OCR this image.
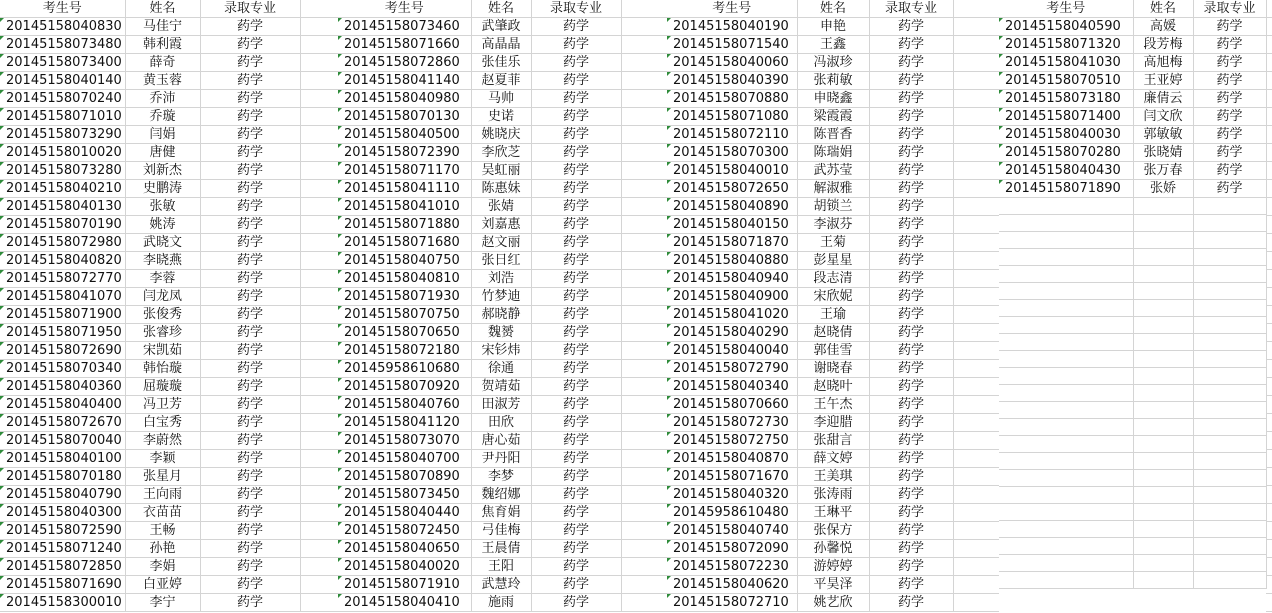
考生号	姓名	录取专业
20145158040830	马佳宁	药学
20145158073480	韩利霞	药学
20145158073400	薛奇	药学
20145158040140	黄玉蓉	药学
20145158070240	乔沛	药学
20145158071010	乔璇	药学
20145158073290	闫娟	药学
20145158010020	唐健	药学
20145158073280	刘新杰	药学
20145158040210	史鹏涛	药学
20145158040130	张敏	药学
20145158070190	姚涛	药学
20145158072980	武晓文	药学
20145158040820	李晓燕	药学
20145158072770	李蓉	药学
20145158041070	闫龙凤	药学
20145158071900	张俊秀	药学
20145158071950	张睿珍	药学
20145158072690	宋凯茹	药学
20145158070340	韩怡璇	药学
20145158040360	屈璇璇	药学
20145158040400	冯卫芳	药学
20145158072670	白宝秀	药学
20145158070040	李蔚然	药学
20145158040100	李颖	药学
20145158070180	张星月	药学
20145158040790	王向雨	药学
20145158040300	衣苗苗	药学
20145158072590	王畅	药学
20145158071240	孙艳	药学
20145158072850	李娟	药学
20145158071690	白亚婷	药学
20145158300010	李宁	药学
考生号	姓名	录取专业
20145158073460	武肇政	药学
20145158071660	高晶晶	药学
20145158072860	张佳乐	药学
20145158041140	赵夏菲	药学
20145158040980	马帅	药学
20145158070130	史诺	药学
20145158040500	姚晓庆	药学
20145158072390	李欣芝	药学
20145158071170	吴虹丽	药学
20145158041110	陈惠妹	药学
20145158041010	张婧	药学
20145158071880	刘嘉惠	药学
20145158071680	赵文丽	药学
20145158040750	张日红	药学
20145158040810	刘浩	药学
20145158071930	竹梦迪	药学
20145158070750	郝晓静	药学
20145158070650	魏赟	药学
20145158072180	宋钐炜	药学
20145958610680	徐通	药学
20145158070920	贺靖茹	药学
20145158040760	田淑芳	药学
20145158041120	田欣	药学
20145158073070	唐心茹	药学
20145158040700	尹丹阳	药学
20145158070890	李梦	药学
20145158073450	魏绍娜	药学
20145158040440	焦育娟	药学
20145158072450	弓佳梅	药学
20145158040650	王晨倩	药学
20145158040020	王阳	药学
20145158071910	武慧玲	药学
20145158040410	施雨	药学
考生号	姓名	录取专业
20145158040190	申艳	药学
20145158071540	王鑫	药学
20145158040060	冯淑珍	药学
20145158040390	张莉敏	药学
20145158070880	申晓鑫	药学
20145158071080	梁霞霞	药学
20145158072110	陈晋香	药学
20145158070300	陈瑞娟	药学
20145158040010	武苏莹	药学
20145158072650	解淑雅	药学
20145158040890	胡锁兰	药学
20145158040150	李淑芬	药学
20145158071870	王菊	药学
20145158040880	彭星星	药学
20145158040940	段志清	药学
20145158040900	宋欣妮	药学
20145158041020	王瑜	药学
20145158040290	赵晓倩	药学
20145158040040	郭佳雪	药学
20145158072790	谢晓春	药学
20145158040340	赵晓叶	药学
20145158070660	王午杰	药学
20145158072730	李迎腊	药学
20145158072750	张甜言	药学
20145158040870	薛文婷	药学
20145158071670	王美琪	药学
20145158040320	张涛雨	药学
20145958610480	王琳平	药学
20145158040740	张保方	药学
20145158072090	孙馨悦	药学
20145158072230	游婷婷	药学
20145158040620	平昊泽	药学
20145158072710	姚艺欣	药学
考生号	姓名	录取专业
20145158040590	高媛	药学
20145158071320	段芳梅	药学
20145158041030	高旭梅	药学
20145158070510	王亚婷	药学
20145158073180	廉倩云	药学
20145158071400	闫文欣	药学
20145158040030	郭敏敏	药学
20145158070280	张晓婧	药学
20145158040430	张万春	药学
20145158071890	张娇	药学
